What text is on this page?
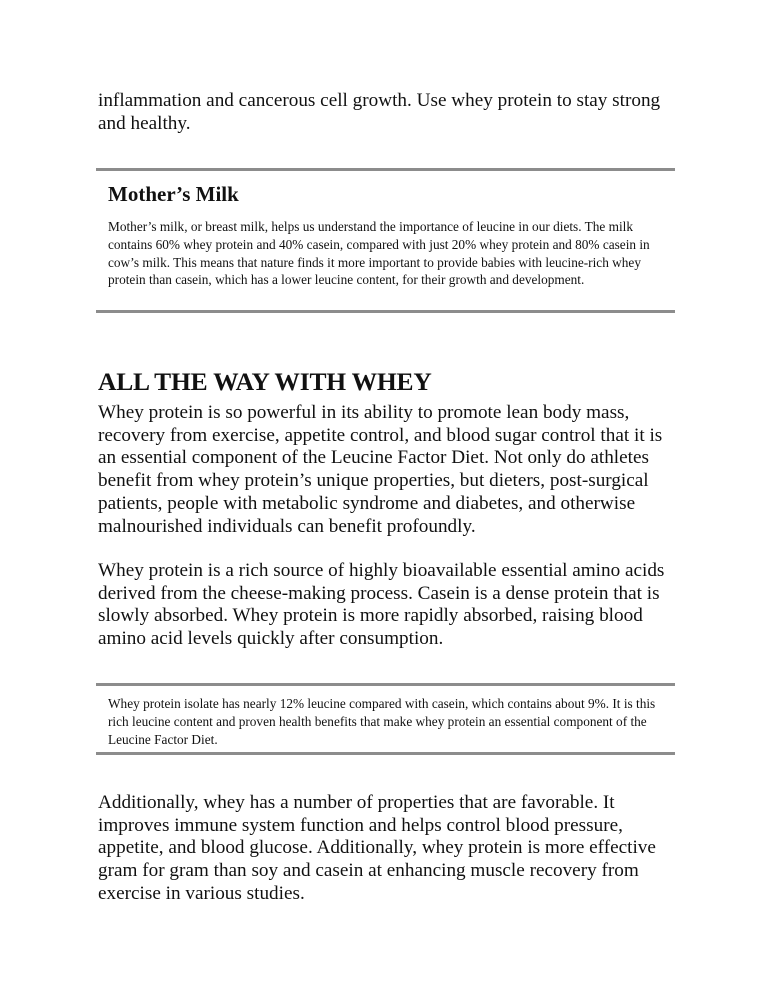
inflammation and cancerous cell growth. Use whey protein to stay strong and healthy.

Mother’s Milk

Mother’s milk, or breast milk, helps us understand the importance of leucine in our diets. The milk contains 60% whey protein and 40% casein, compared with just 20% whey protein and 80% casein in cow’s milk. This means that nature finds it more important to provide babies with leucine-rich whey protein than casein, which has a lower leucine content, for their growth and development.

ALL THE WAY WITH WHEY

Whey protein is so powerful in its ability to promote lean body mass, recovery from exercise, appetite control, and blood sugar control that it is an essential component of the Leucine Factor Diet. Not only do athletes benefit from whey protein’s unique properties, but dieters, post-surgical patients, people with metabolic syndrome and diabetes, and otherwise malnourished individuals can benefit profoundly.

Whey protein is a rich source of highly bioavailable essential amino acids derived from the cheese-making process. Casein is a dense protein that is slowly absorbed. Whey protein is more rapidly absorbed, raising blood amino acid levels quickly after consumption.

Whey protein isolate has nearly 12% leucine compared with casein, which contains about 9%. It is this rich leucine content and proven health benefits that make whey protein an essential component of the Leucine Factor Diet.

Additionally, whey has a number of properties that are favorable. It improves immune system function and helps control blood pressure, appetite, and blood glucose. Additionally, whey protein is more effective gram for gram than soy and casein at enhancing muscle recovery from exercise in various studies.
